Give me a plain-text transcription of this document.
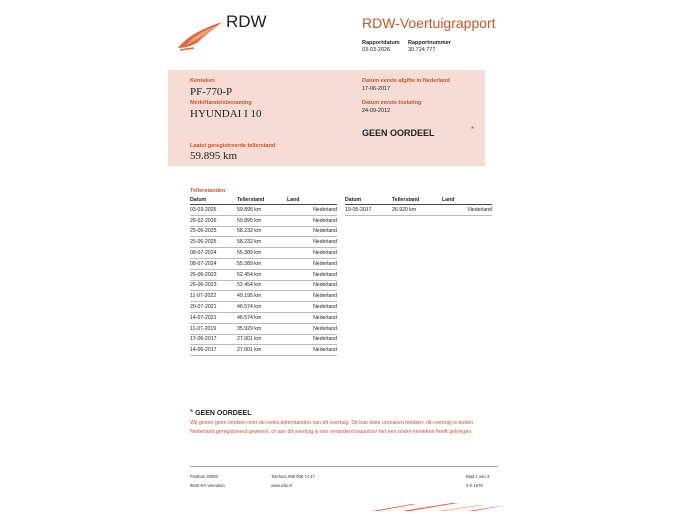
RDW	RDW-Voertuigrapport
Rapportdatum
03-03-2026
Rapportnummer
30.724.777
Kenteken
PF-770-P
Merk/Handelsbenaming
HYUNDAI I 10
Laatst geregistreerde tellerstand
59.895 km
Datum eerste afgifte in Nederland
17-06-2017
Datum eerste toelating
24-09-2012
GEEN OORDEEL	*
Tellerstanden
Datum	Tellerstand	Land
03-03-2026	59.895 km	Nederland
26-02-2026	59.895 km	Nederland
25-06-2025	58.232 km	Nederland
25-06-2025	58.232 km	Nederland
08-07-2024	55.389 km	Nederland
08-07-2024	55.389 km	Nederland
26-06-2023	52.454 km	Nederland
26-06-2023	52.454 km	Nederland
11-07-2022	49.195 km	Nederland
20-07-2021	46.574 km	Nederland
14-07-2021	46.574 km	Nederland
11-07-2019	35.929 km	Nederland
17-06-2017	27.001 km	Nederland
14-06-2017	27.001 km	Nederland
Datum	Tellerstand	Land
19-05-2017	26.920 km	Nederland
* GEEN OORDEEL
Wij geven geen oordeel over de reeks tellerstanden van dit voertuig. Dit kan twee oorzaken hebben: dit voertuig is buiten Nederland geregistreerd geweest, of aan dit voertuig is iets veranderd waardoor het een ander kenteken heeft gekregen.
Postbus 30000
9640 RA Veendam
Telefoon 088 008 74 47
www.rdw.nl
Blad 1 van 3
3 E 1679
